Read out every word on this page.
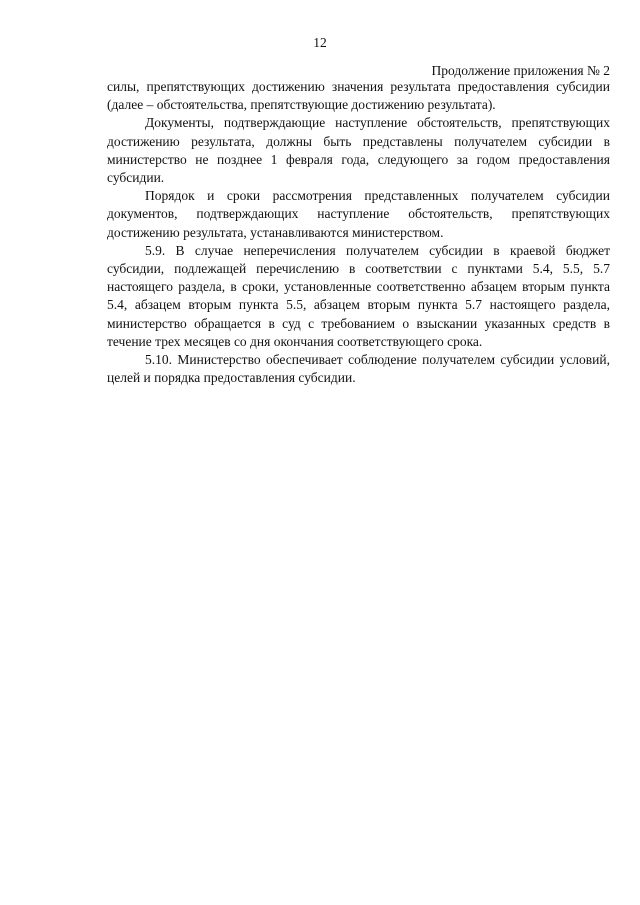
12
Продолжение приложения № 2

силы, препятствующих достижению значения результата предоставления субсидии (далее – обстоятельства, препятствующие достижению результата).

Документы, подтверждающие наступление обстоятельств, препятствующих достижению результата, должны быть представлены получателем субсидии в министерство не позднее 1 февраля года, следующего за годом предоставления субсидии.

Порядок и сроки рассмотрения представленных получателем субсидии документов, подтверждающих наступление обстоятельств, препятствующих достижению результата, устанавливаются министерством.

5.9. В случае неперечисления получателем субсидии в краевой бюджет субсидии, подлежащей перечислению в соответствии с пунктами 5.4, 5.5, 5.7 настоящего раздела, в сроки, установленные соответственно абзацем вторым пункта 5.4, абзацем вторым пункта 5.5, абзацем вторым пункта 5.7 настоящего раздела, министерство обращается в суд с требованием о взыскании указанных средств в течение трех месяцев со дня окончания соответствующего срока.

5.10. Министерство обеспечивает соблюдение получателем субсидии условий, целей и порядка предоставления субсидии.
